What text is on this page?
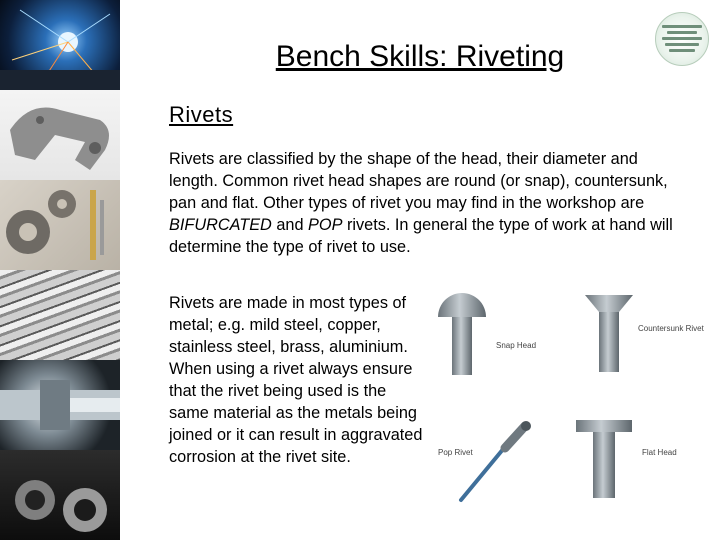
Bench Skills: Riveting
Rivets
Rivets are classified by the shape of the head, their diameter and length. Common rivet head shapes are round (or snap), countersunk, pan and flat. Other types of rivet you may find in the workshop are BIFURCATED and POP rivets. In general the type of work at hand will determine the type of rivet to use.
Rivets are made in most types of metal; e.g. mild steel, copper, stainless steel, brass, aluminium. When using a rivet always ensure that the rivet being used is the same material as the metals being joined or it can result in aggravated corrosion at the rivet site.
Snap Head
Countersunk Rivet
Pop Rivet	Flat Head
